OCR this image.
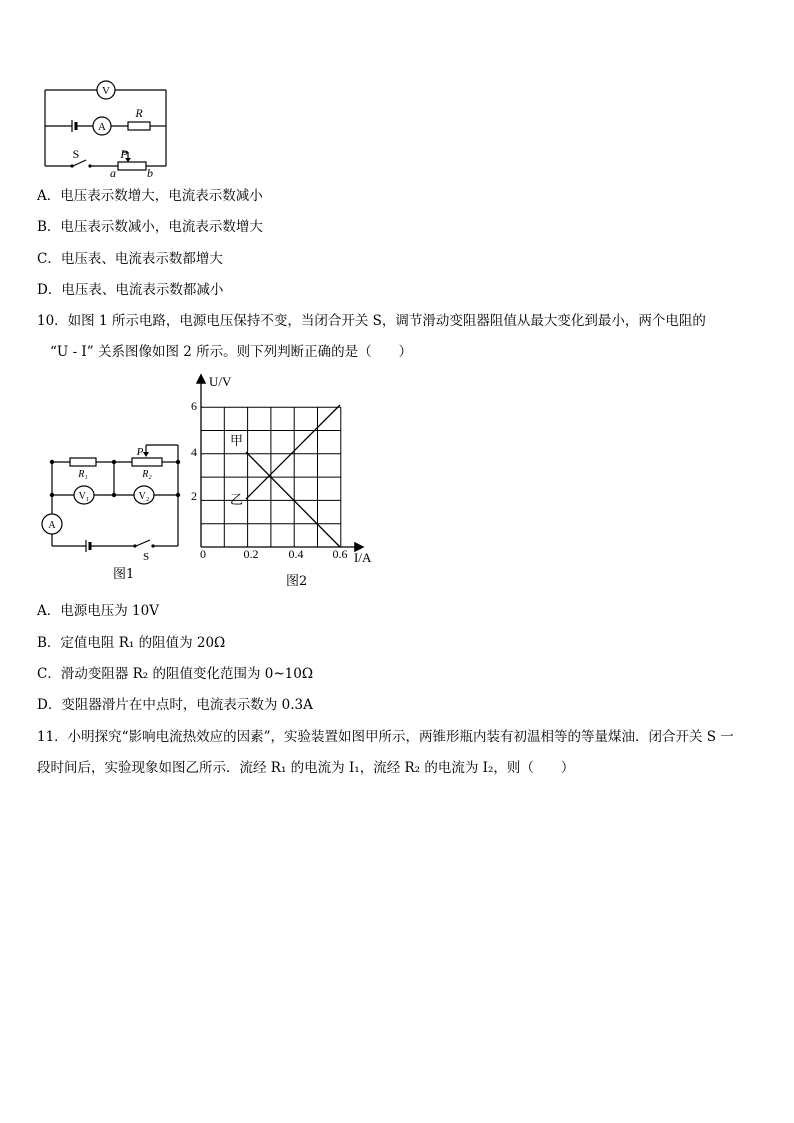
V
A
R
S	P
a	b
A．电压表示数增大，电流表示数减小
B．电压表示数减小，电流表示数增大
C．电压表、电流表示数都增大
D．电压表、电流表示数都减小
10．如图 1 所示电路，电源电压保持不变，当闭合开关 S，调节滑动变阻器阻值从最大变化到最小，两个电阻的
“U - I” 关系图像如图 2 所示。则下列判断正确的是（　　）
R₁	R₂
P
V₁	V₂
A
S
图1
U/V
I/A
0
2
4
6
0.2	0.4 0.6
甲
乙
图2
A．电源电压为 10V
B．定值电阻 R₁ 的阻值为 20Ω
C．滑动变阻器 R₂ 的阻值变化范围为 0~10Ω
D．变阻器滑片在中点时，电流表示数为 0.3A
11．小明探究“影响电流热效应的因素”，实验装置如图甲所示，两锥形瓶内装有初温相等的等量煤油．闭合开关 S 一
段时间后，实验现象如图乙所示．流经 R₁ 的电流为 I₁，流经 R₂ 的电流为 I₂，则（　　）
